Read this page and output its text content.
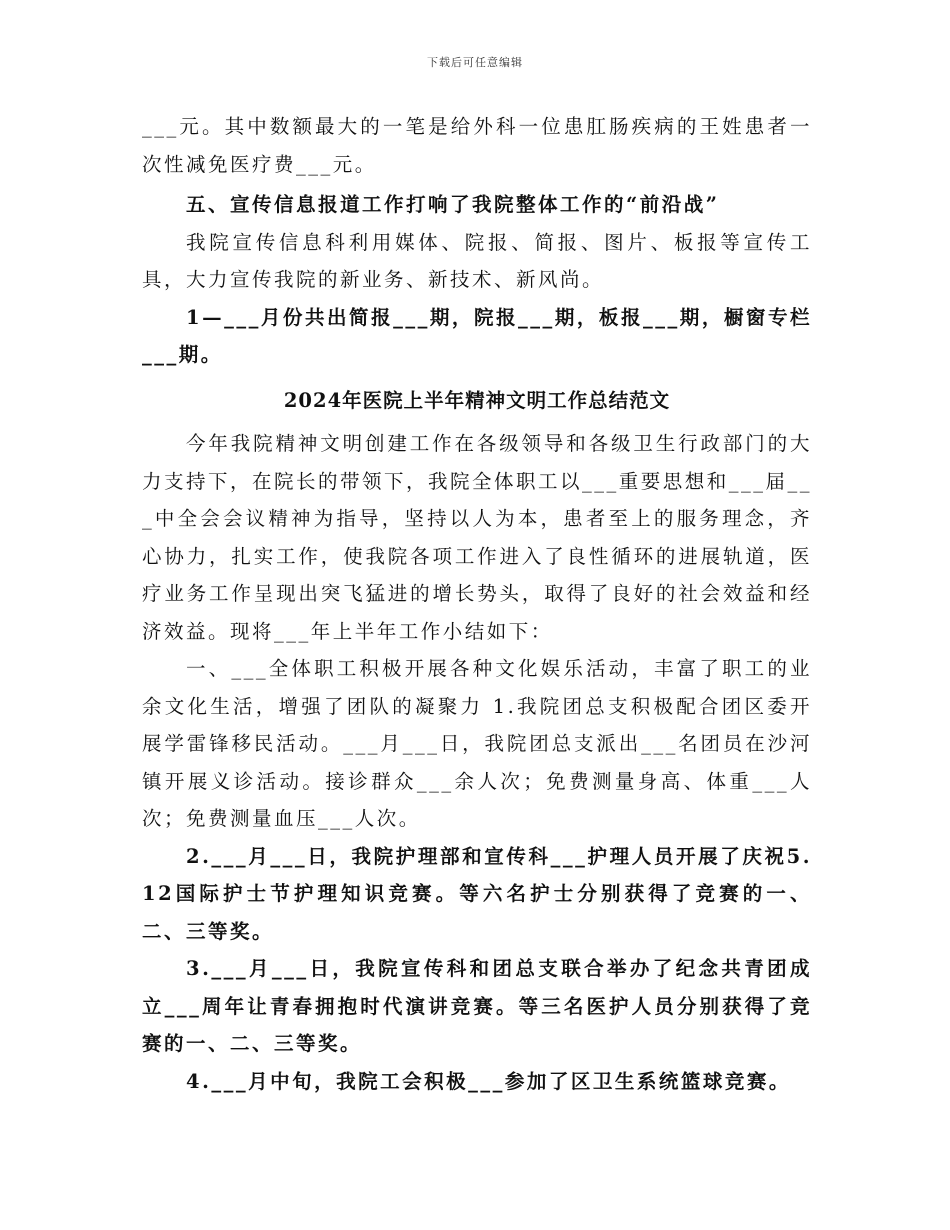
下载后可任意编辑

___元。其中数额最大的一笔是给外科一位患肛肠疾病的王姓患者一次性减免医疗费___元。

五、宣传信息报道工作打响了我院整体工作的“前沿战”

我院宣传信息科利用媒体、院报、简报、图片、板报等宣传工具，大力宣传我院的新业务、新技术、新风尚。

1—___月份共出简报___期，院报___期，板报___期，橱窗专栏___期。

2024年医院上半年精神文明工作总结范文

今年我院精神文明创建工作在各级领导和各级卫生行政部门的大力支持下，在院长的带领下，我院全体职工以___重要思想和___届___中全会会议精神为指导，坚持以人为本，患者至上的服务理念，齐心协力，扎实工作，使我院各项工作进入了良性循环的进展轨道，医疗业务工作呈现出突飞猛进的增长势头，取得了良好的社会效益和经济效益。现将___年上半年工作小结如下：

一、___全体职工积极开展各种文化娱乐活动，丰富了职工的业余文化生活，增强了团队的凝聚力 1.我院团总支积极配合团区委开展学雷锋移民活动。___月___日，我院团总支派出___名团员在沙河镇开展义诊活动。接诊群众___余人次；免费测量身高、体重___人次；免费测量血压___人次。

2.___月___日，我院护理部和宣传科___护理人员开展了庆祝5.12国际护士节护理知识竞赛。等六名护士分别获得了竞赛的一、二、三等奖。

3.___月___日，我院宣传科和团总支联合举办了纪念共青团成立___周年让青春拥抱时代演讲竞赛。等三名医护人员分别获得了竞赛的一、二、三等奖。

4.___月中旬，我院工会积极___参加了区卫生系统篮球竞赛。
